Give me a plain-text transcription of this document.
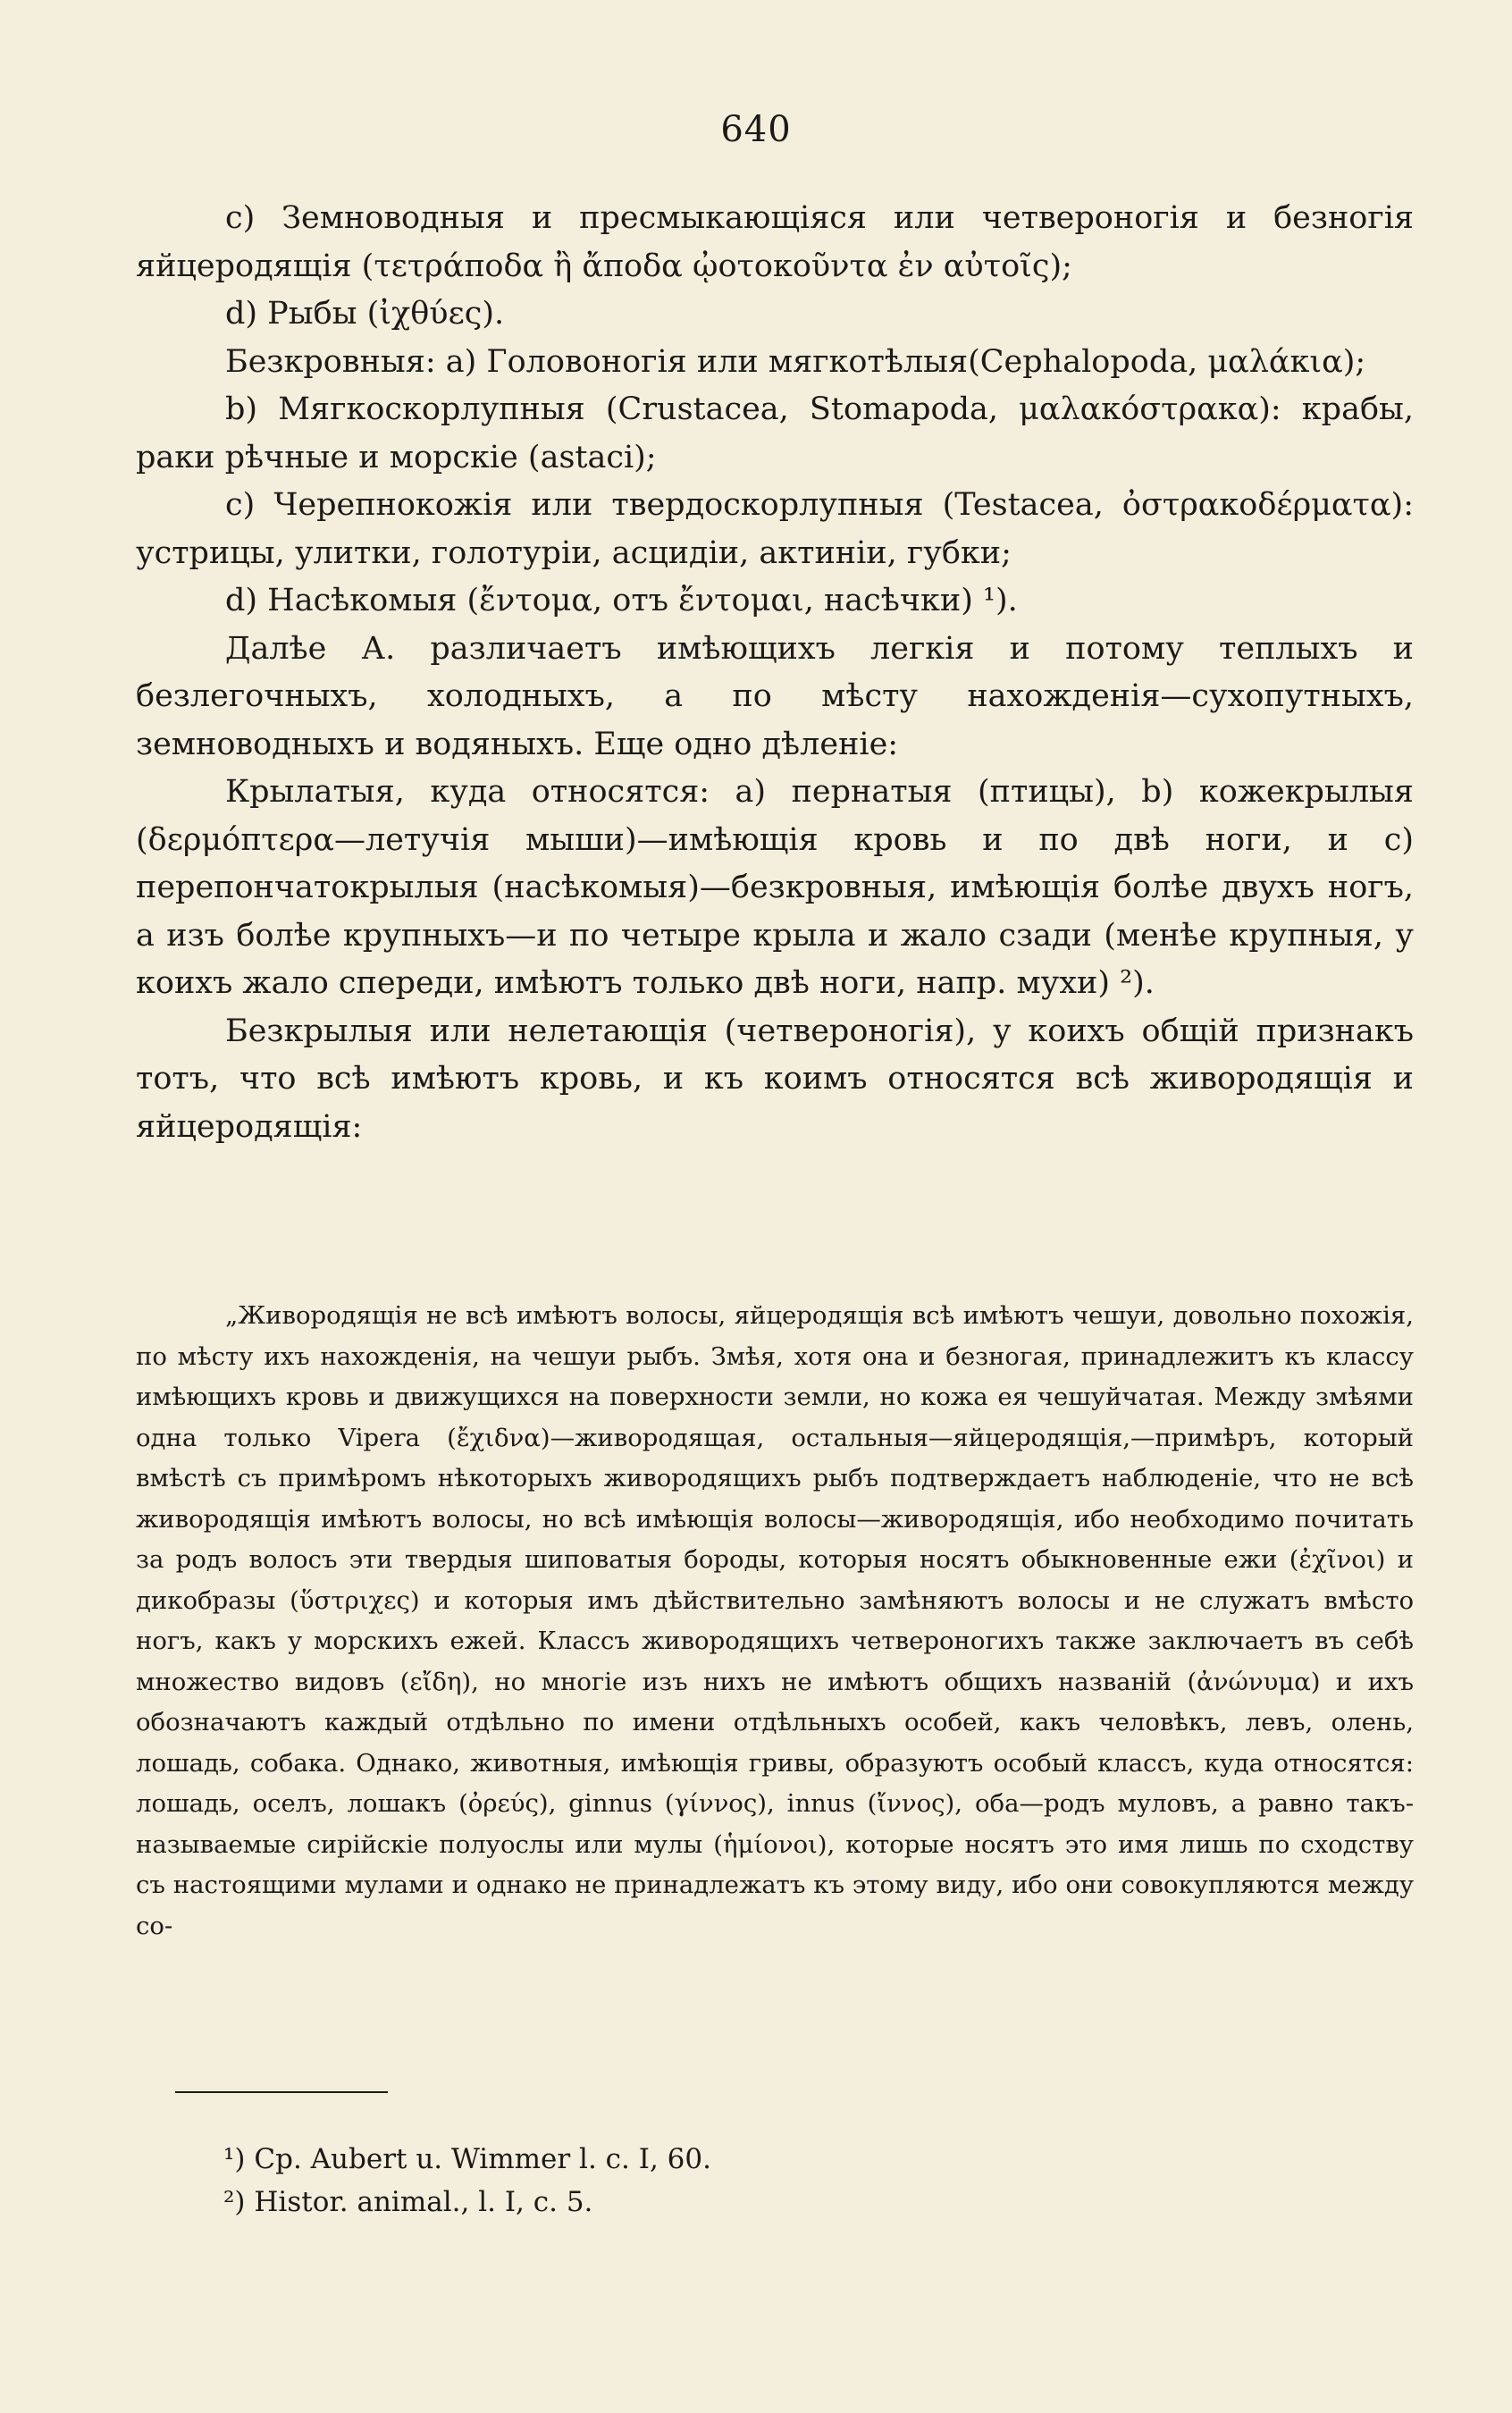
640

c) Земноводныя и пресмыкающіяся или четвероногія и безногія яйцеродящія (τετράποδα ἢ ἄποδα ᾠοτοκοῦντα ἐν αὐτοῖς);

d) Рыбы (ἰχθύες).

Безкровныя: а) Головоногія или мягкотѣлыя(Cephalopoda, μαλάκια);

b) Мягкоскорлупныя (Crustacea, Stomapoda, μαλακόστρακα): крабы, раки рѣчные и морскіе (astaci);

c) Черепнокожія или твердоскорлупныя (Testacea, ὀστρακοδέρματα): устрицы, улитки, голотуріи, асцидіи, актиніи, губки;

d) Насѣкомыя (ἔντομα, отъ ἔντομαι, насѣчки) ¹).

Далѣе А. различаетъ имѣющихъ легкія и потому теплыхъ и безлегочныхъ, холодныхъ, а по мѣсту нахожденія—сухопутныхъ, земноводныхъ и водяныхъ. Еще одно дѣленіе:

Крылатыя, куда относятся: а) пернатыя (птицы), b) кожекрылыя (δερμόπτερα—летучія мыши)—имѣющія кровь и по двѣ ноги, и с) перепончатокрылыя (насѣкомыя)—безкровныя, имѣющія болѣе двухъ ногъ, а изъ болѣе крупныхъ—и по четыре крыла и жало сзади (менѣе крупныя, у коихъ жало спереди, имѣютъ только двѣ ноги, напр. мухи) ²).

Безкрылыя или нелетающія (четвероногія), у коихъ общій признакъ тотъ, что всѣ имѣютъ кровь, и къ коимъ относятся всѣ живородящія и яйцеродящія:

„Живородящія не всѣ имѣютъ волосы, яйцеродящія всѣ имѣютъ чешуи, довольно похожія, по мѣсту ихъ нахожденія, на чешуи рыбъ. Змѣя, хотя она и безногая, принадлежитъ къ классу имѣющихъ кровь и движущихся на поверхности земли, но кожа ея чешуйчатая. Между змѣями одна только Vipera (ἔχιδνα)—живородящая, остальныя—яйцеродящія,—примѣръ, который вмѣстѣ съ примѣромъ нѣкоторыхъ живородящихъ рыбъ подтверждаетъ наблюденіе, что не всѣ живородящія имѣютъ волосы, но всѣ имѣющія волосы—живородящія, ибо необходимо почитать за родъ волосъ эти твердыя шиповатыя бороды, которыя носятъ обыкновенные ежи (ἐχῖνοι) и дикобразы (ὕστριχες) и которыя имъ дѣйствительно замѣняютъ волосы и не служатъ вмѣсто ногъ, какъ у морскихъ ежей. Классъ живородящихъ четвероногихъ также заключаетъ въ себѣ множество видовъ (εἴδη), но многіе изъ нихъ не имѣютъ общихъ названій (ἀνώνυμα) и ихъ обозначаютъ каждый отдѣльно по имени отдѣльныхъ особей, какъ человѣкъ, левъ, олень, лошадь, собака. Однако, животныя, имѣющія гривы, образуютъ особый классъ, куда относятся: лошадь, оселъ, лошакъ (ὀρεύς), ginnus (γίννος), innus (ἴννος), оба—родъ муловъ, а равно такъ-называемые сирійскіе полуослы или мулы (ἡμίονοι), которые носятъ это имя лишь по сходству съ настоящими мулами и однако не принадлежатъ къ этому виду, ибо они совокупляются между со-

¹) Cp. Aubert u. Wimmer l. c. I, 60.
²) Histor. animal., l. I, c. 5.
